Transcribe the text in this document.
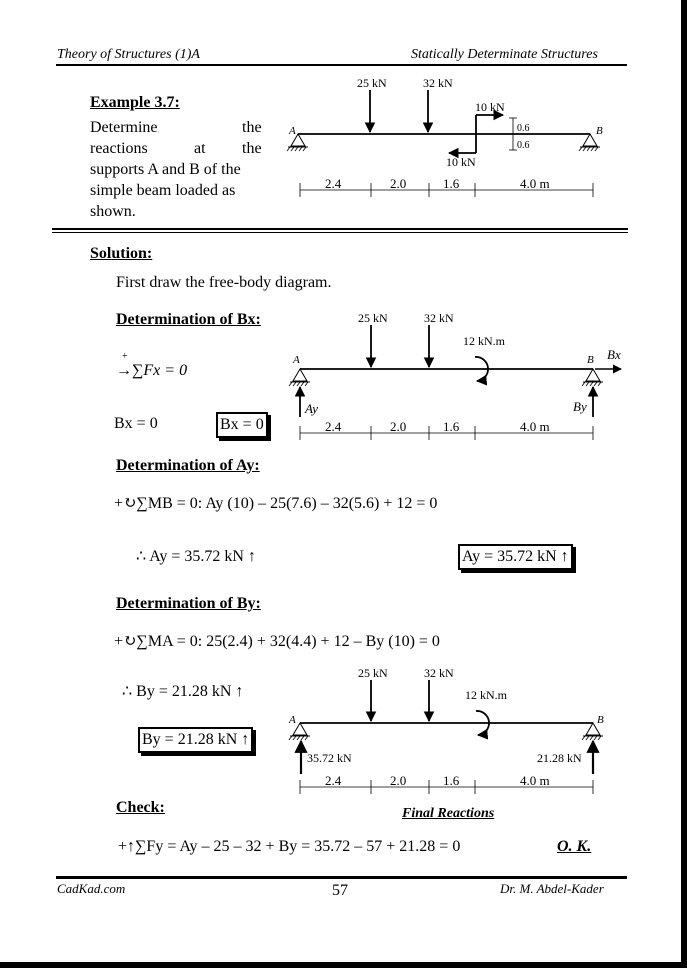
Theory of Structures (1)A	Statically Determinate Structures
Example 3.7:
Determine	the
reactions	at the
supports A and B of the
simple beam loaded as
shown.
A	B
25 kN	32 kN
10 kN
10 kN
0.6
0.6
2.4	2.0	1.6	4.0 m
Solution:
First draw the free-body diagram.
Determination of Bx:
+
→∑Fx = 0
Bx = 0	Bx = 0
A	B
25 kN	32 kN
12 kN.m
Bx
Ay	By
2.4	2.0	1.6	4.0 m
Determination of Ay:
+↻∑MB = 0: Ay (10) – 25(7.6) – 32(5.6) + 12 = 0
∴ Ay = 35.72 kN ↑	Ay = 35.72 kN ↑
Determination of By:
+↻∑MA = 0: 25(2.4) + 32(4.4) + 12 – By (10) = 0
∴ By = 21.28 kN ↑
By = 21.28 kN ↑
A	B
25 kN	32 kN
12 kN.m
35.72 kN	21.28 kN
2.4	2.0	1.6	4.0 m
Check:	Final Reactions
+↑∑Fy = Ay – 25 – 32 + By = 35.72 – 57 + 21.28 = 0	O. K.
CadKad.com	57	Dr. M. Abdel-Kader
